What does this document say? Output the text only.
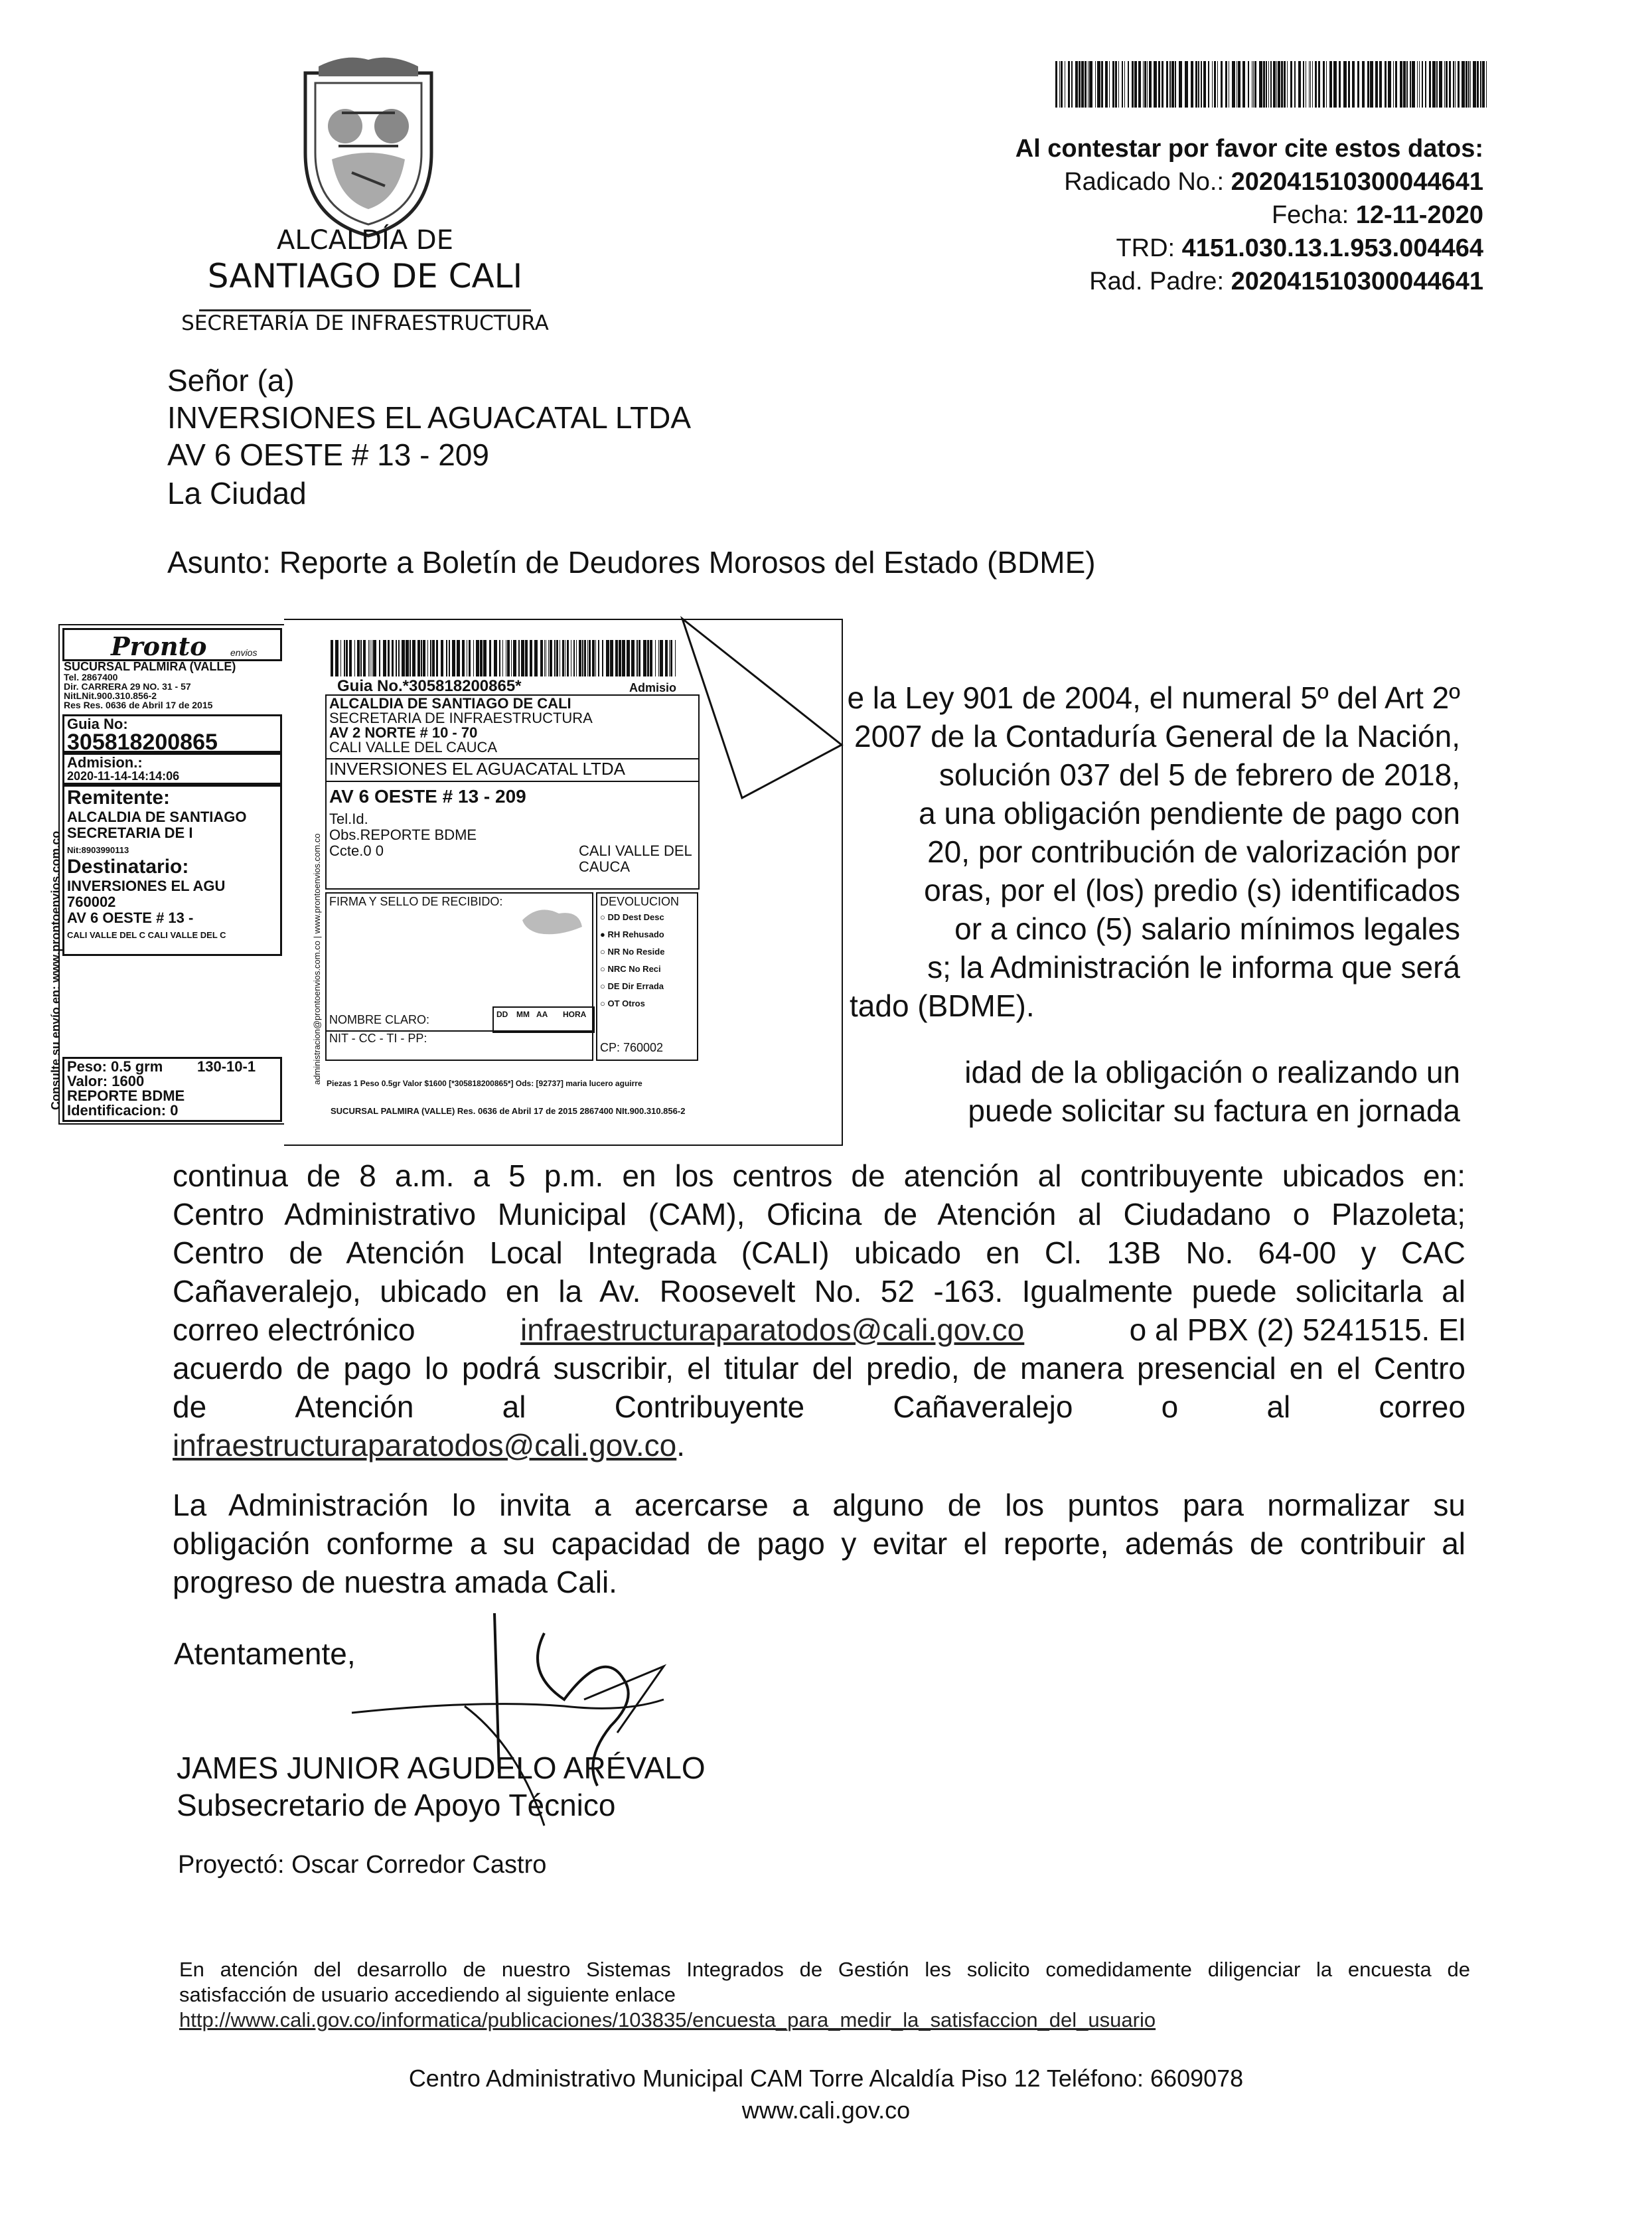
ALCALDÍA DE
SANTIAGO DE CALI
SECRETARÍA DE INFRAESTRUCTURA
Al contestar por favor cite estos datos:
Radicado No.: 202041510300044641
Fecha: 12-11-2020
TRD: 4151.030.13.1.953.004464
Rad. Padre: 202041510300044641
Señor (a)
INVERSIONES EL AGUACATAL LTDA
AV 6 OESTE # 13 - 209
La Ciudad
Asunto: Reporte a Boletín de Deudores Morosos del Estado (BDME)
e la Ley 901 de 2004, el numeral 5º del Art 2º
2007 de la Contaduría General de la Nación,
solución 037 del 5 de febrero de 2018,
a una obligación pendiente de pago con
20, por contribución de valorización por
oras, por el (los) predio (s) identificados
or a cinco (5) salario mínimos legales
s; la Administración le informa que será
tado (BDME).
idad de la obligación o realizando un
puede solicitar su factura en jornada
continua de 8 a.m. a 5 p.m. en los centros de atención al contribuyente ubicados en:
Centro Administrativo Municipal (CAM), Oficina de Atención al Ciudadano o Plazoleta;
Centro de Atención Local Integrada (CALI) ubicado en Cl. 13B No. 64-00 y CAC
Cañaveralejo, ubicado en la Av. Roosevelt No. 52 -163. Igualmente puede solicitarla al
correo electrónico	infraestructuraparatodos@cali.gov.co	o al PBX (2) 5241515. El
acuerdo de pago lo podrá suscribir, el titular del predio, de manera presencial en el Centro
de	Atención	al	Contribuyente	Cañaveralejo	o	al	correo
infraestructuraparatodos@cali.gov.co.
La Administración lo invita a acercarse a alguno de los puntos para normalizar su
obligación conforme a su capacidad de pago y evitar el reporte, además de contribuir al
progreso de nuestra amada Cali.
Atentamente,
JAMES JUNIOR AGUDELO ARÉVALO
Subsecretario de Apoyo Técnico
Proyectó: Oscar Corredor Castro
En atención del desarrollo de nuestro Sistemas Integrados de Gestión les solicito comedidamente diligenciar la encuesta de
satisfacción de usuario accediendo al siguiente enlace
http://www.cali.gov.co/informatica/publicaciones/103835/encuesta_para_medir_la_satisfaccion_del_usuario
Centro Administrativo Municipal CAM Torre Alcaldía Piso 12 Teléfono: 6609078
www.cali.gov.co
Pronto	envios
SUCURSAL PALMIRA (VALLE)
Tel. 2867400
Dir. CARRERA 29 NO. 31 - 57
NitLNit.900.310.856-2
Res Res. 0636 de Abril 17 de 2015
Guia No:
305818200865
Admision.:
2020-11-14-14:14:06
Remitente:
ALCALDIA DE SANTIAGO
SECRETARIA DE I
Nit:8903990113
Destinatario:
INVERSIONES EL AGU
760002
AV 6 OESTE # 13 -
CALI VALLE DEL C CALI VALLE DEL C
Peso: 0.5 grm 130-10-1
Valor: 1600
REPORTE BDME
Identificacion: 0
Consulte su envío en: www.prontoenvios.com.co
Guia No.*305818200865*	Admisio
ALCALDIA DE SANTIAGO DE CALI
SECRETARIA DE INFRAESTRUCTURA
AV 2 NORTE # 10 - 70
CALI VALLE DEL CAUCA
INVERSIONES EL AGUACATAL LTDA
AV 6 OESTE # 13 - 209
Tel.Id.
Obs.REPORTE BDME
Ccte.0 0	CALI VALLE DEL CAUCA
FIRMA Y SELLO DE RECIBIDO:
NOMBRE CLARO:	DD MM AA HORA
NIT - CC - TI - PP:
DEVOLUCION
○ DD Dest Desc
● RH Rehusado
○ NR No Reside
○ NRC No Reci
○ DE Dir Errada
○ OT Otros
CP: 760002
Piezas 1 Peso 0.5gr Valor $1600 [*305818200865*] Ods: [92737] maria lucero aguirre
SUCURSAL PALMIRA (VALLE) Res. 0636 de Abril 17 de 2015 2867400 NIt.900.310.856-2
administracion@prontoenvios.com.co | www.prontoenvios.com.co
